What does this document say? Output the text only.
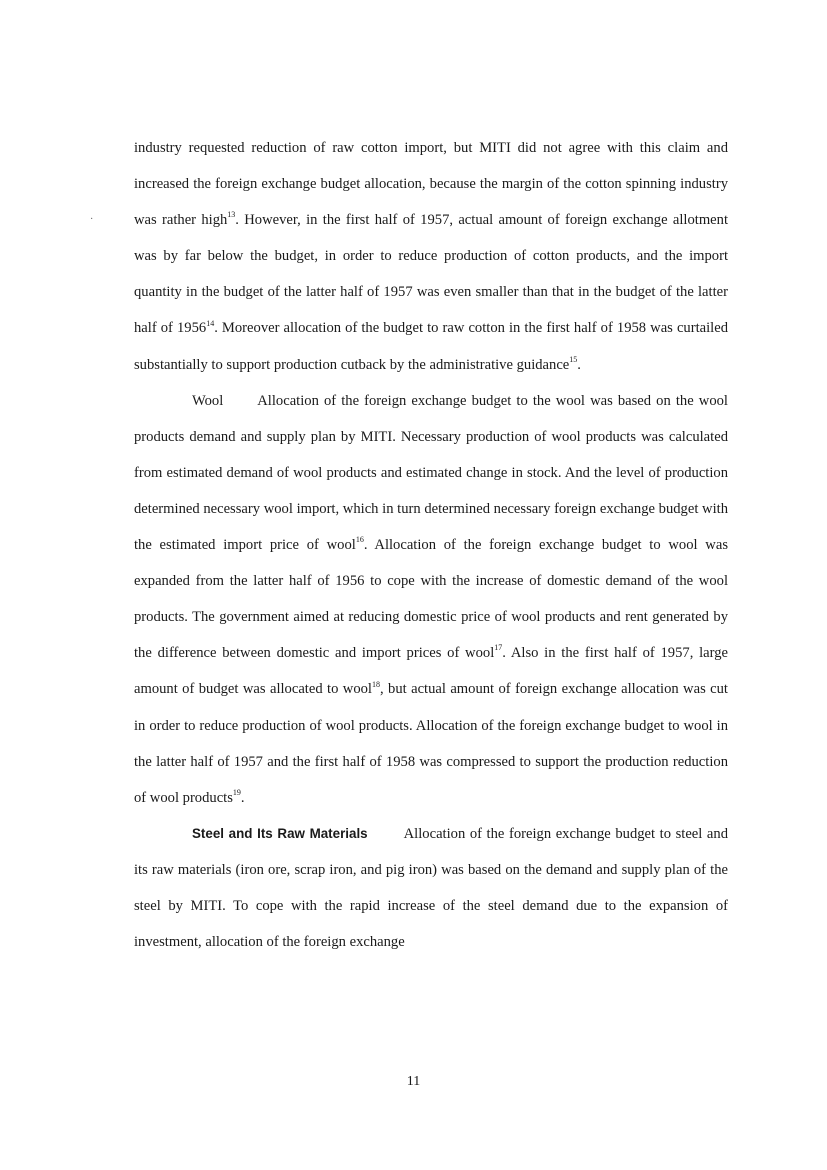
·

industry requested reduction of raw cotton import, but MITI did not agree with this claim and increased the foreign exchange budget allocation, because the margin of the cotton spinning industry was rather high$^{13}$. However, in the first half of 1957, actual amount of foreign exchange allotment was by far below the budget, in order to reduce production of cotton products, and the import quantity in the budget of the latter half of 1957 was even smaller than that in the budget of the latter half of 1956$^{14}$. Moreover allocation of the budget to raw cotton in the first half of 1958 was curtailed substantially to support production cutback by the administrative guidance$^{15}$.

Wool Allocation of the foreign exchange budget to the wool was based on the wool products demand and supply plan by MITI. Necessary production of wool products was calculated from estimated demand of wool products and estimated change in stock. And the level of production determined necessary wool import, which in turn determined necessary foreign exchange budget with the estimated import price of wool$^{16}$. Allocation of the foreign exchange budget to wool was expanded from the latter half of 1956 to cope with the increase of domestic demand of the wool products. The government aimed at reducing domestic price of wool products and rent generated by the difference between domestic and import prices of wool$^{17}$. Also in the first half of 1957, large amount of budget was allocated to wool$^{18}$, but actual amount of foreign exchange allocation was cut in order to reduce production of wool products. Allocation of the foreign exchange budget to wool in the latter half of 1957 and the first half of 1958 was compressed to support the production reduction of wool products$^{19}$.

Steel and Its Raw Materials Allocation of the foreign exchange budget to steel and its raw materials (iron ore, scrap iron, and pig iron) was based on the demand and supply plan of the steel by MITI. To cope with the rapid increase of the steel demand due to the expansion of investment, allocation of the foreign exchange

11
